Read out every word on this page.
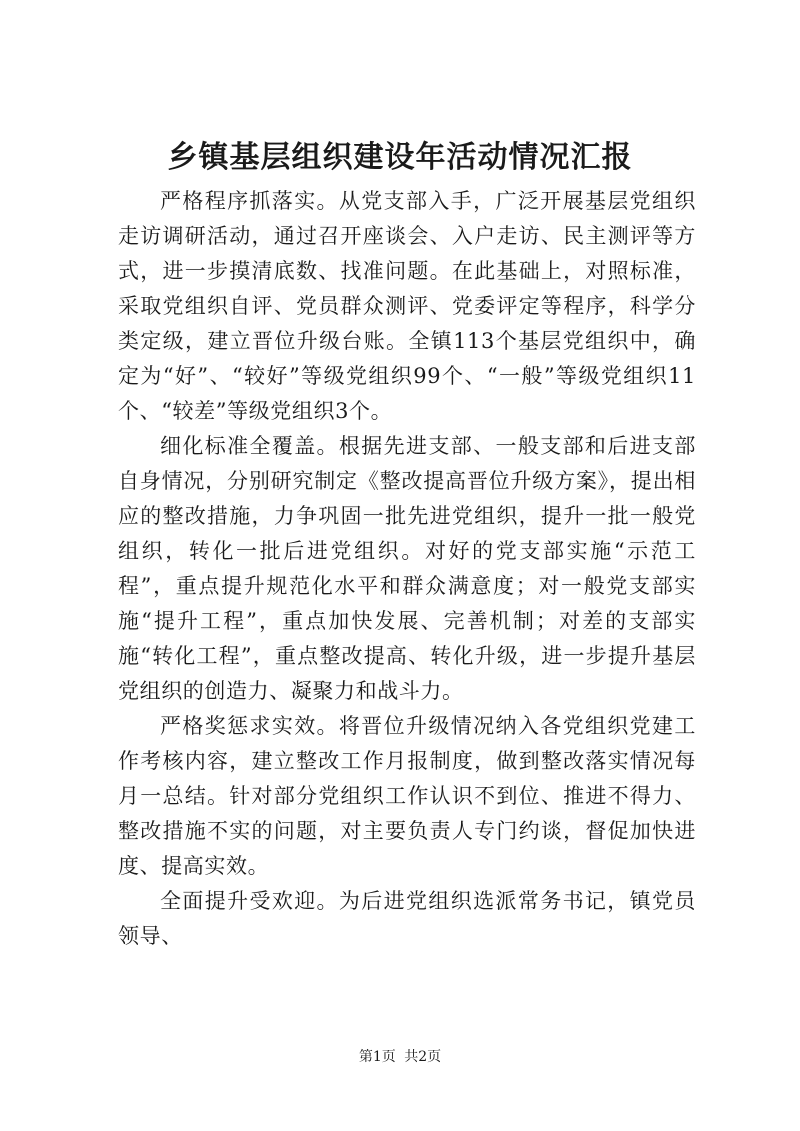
乡镇基层组织建设年活动情况汇报

严格程序抓落实。从党支部入手，广泛开展基层党组织走访调研活动，通过召开座谈会、入户走访、民主测评等方式，进一步摸清底数、找准问题。在此基础上，对照标准，采取党组织自评、党员群众测评、党委评定等程序，科学分类定级，建立晋位升级台账。全镇113个基层党组织中，确定为“好”、“较好”等级党组织99个、“一般”等级党组织11个、“较差”等级党组织3个。

细化标准全覆盖。根据先进支部、一般支部和后进支部自身情况，分别研究制定《整改提高晋位升级方案》，提出相应的整改措施，力争巩固一批先进党组织，提升一批一般党组织，转化一批后进党组织。对好的党支部实施“示范工程”，重点提升规范化水平和群众满意度；对一般党支部实施“提升工程”，重点加快发展、完善机制；对差的支部实施“转化工程”，重点整改提高、转化升级，进一步提升基层党组织的创造力、凝聚力和战斗力。

严格奖惩求实效。将晋位升级情况纳入各党组织党建工作考核内容，建立整改工作月报制度，做到整改落实情况每月一总结。针对部分党组织工作认识不到位、推进不得力、整改措施不实的问题，对主要负责人专门约谈，督促加快进度、提高实效。

全面提升受欢迎。为后进党组织选派常务书记，镇党员领导、

第1页 共2页
